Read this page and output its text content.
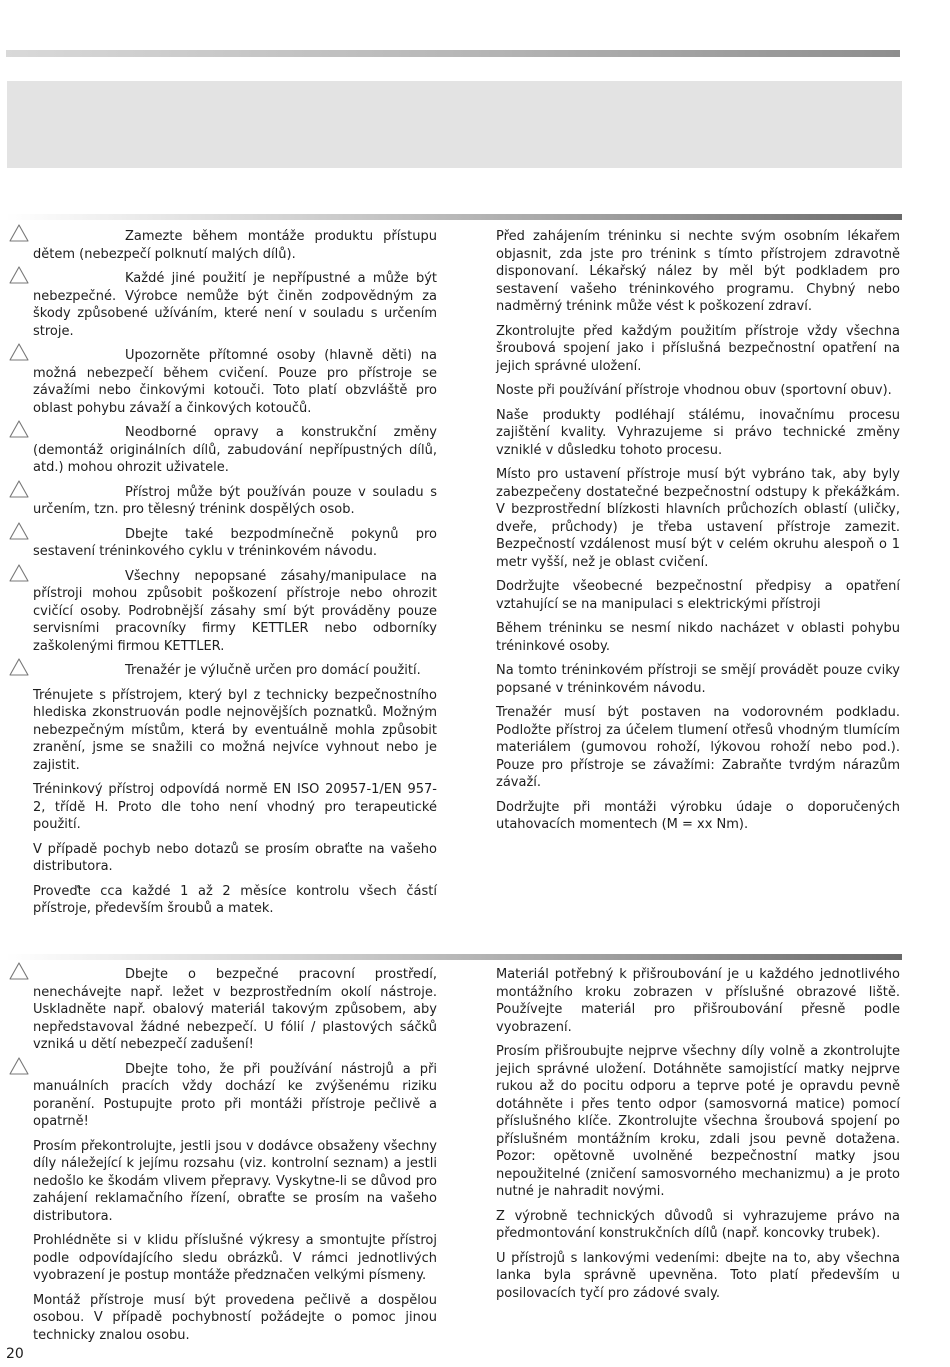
Zamezte během montáže produktu přístupu dětem (nebezpečí polknutí malých dílů).

Každé jiné použití je nepřípustné a může být nebezpečné. Výrobce nemůže být činěn zodpovědným za škody způsobené užíváním, které není v souladu s určením stroje.

Upozorněte přítomné osoby (hlavně děti) na možná nebezpečí během cvičení. Pouze pro přístroje se závažími nebo činkovými kotouči. Toto platí obzvláště pro oblast pohybu závaží a činkových kotoučů.

Neodborné opravy a konstrukční změny (demontáž originálních dílů, zabudování nepřípustných dílů, atd.) mohou ohrozit uživatele.

Přístroj může být používán pouze v souladu s určením, tzn. pro tělesný trénink dospělých osob.

Dbejte také bezpodmínečně pokynů pro sestavení tréninkového cyklu v tréninkovém návodu.

Všechny nepopsané zásahy/manipulace na přístroji mohou způsobit poškození přístroje nebo ohrozit cvičící osoby. Podrobnější zásahy smí být prováděny pouze servisními pracovníky firmy KETTLER nebo odborníky zaškolenými firmou KETTLER.

Trenažér je výlučně určen pro domácí použití.

Trénujete s přístrojem, který byl z technicky bezpečnostního hlediska zkonstruován podle nejnovějších poznatků. Možným nebezpečným místům, která by eventuálně mohla způsobit zranění, jsme se snažili co možná nejvíce vyhnout nebo je zajistit.

Tréninkový přístroj odpovídá normě EN ISO 20957-1/EN 957-2, třídě H. Proto dle toho není vhodný pro terapeutické použití.

V případě pochyb nebo dotazů se prosím obraťte na vašeho distributora.

Proveďte cca každé 1 až 2 měsíce kontrolu všech částí přístroje, především šroubů a matek.

Před zahájením tréninku si nechte svým osobním lékařem objasnit, zda jste pro trénink s tímto přístrojem zdravotně disponovaní. Lékařský nález by měl být podkladem pro sestavení vašeho tréninkového programu. Chybný nebo nadměrný trénink může vést k poškození zdraví.

Zkontrolujte před každým použitím přístroje vždy všechna šroubová spojení jako i příslušná bezpečnostní opatření na jejich správné uložení.

Noste při používání přístroje vhodnou obuv (sportovní obuv).

Naše produkty podléhají stálému, inovačnímu procesu zajištění kvality. Vyhrazujeme si právo technické změny vzniklé v důsledku tohoto procesu.

Místo pro ustavení přístroje musí být vybráno tak, aby byly zabezpečeny dostatečné bezpečnostní odstupy k překážkám. V bezprostřední blízkosti hlavních průchozích oblastí (uličky, dveře, průchody) je třeba ustavení přístroje zamezit. Bezpečností vzdálenost musí být v celém okruhu alespoň o 1 metr vyšší, než je oblast cvičení.

Dodržujte všeobecné bezpečnostní předpisy a opatření vztahující se na manipulaci s elektrickými přístroji

Během tréninku se nesmí nikdo nacházet v oblasti pohybu tréninkové osoby.

Na tomto tréninkovém přístroji se smějí provádět pouze cviky popsané v tréninkovém návodu.

Trenažér musí být postaven na vodorovném podkladu. Podložte přístroj za účelem tlumení otřesů vhodným tlumícím materiálem (gumovou rohoží, lýkovou rohoží nebo pod.). Pouze pro přístroje se závažími: Zabraňte tvrdým nárazům závaží.

Dodržujte při montáži výrobku údaje o doporučených utahovacích momentech (M = xx Nm).

Dbejte o bezpečné pracovní prostředí, nenechávejte např. ležet v bezprostředním okolí nástroje. Uskladněte např. obalový materiál takovým způsobem, aby nepředstavoval žádné nebezpečí. U fólií / plastových sáčků vzniká u dětí nebezpečí zadušení!

Dbejte toho, že při používání nástrojů a při manuálních pracích vždy dochází ke zvýšenému riziku poranění. Postupujte proto při montáži přístroje pečlivě a opatrně!

Prosím překontrolujte, jestli jsou v dodávce obsaženy všechny díly náležející k jejímu rozsahu (viz. kontrolní seznam) a jestli nedošlo ke škodám vlivem přepravy. Vyskytne-li se důvod pro zahájení reklamačního řízení, obraťte se prosím na vašeho distributora.

Prohlédněte si v klidu příslušné výkresy a smontujte přístroj podle odpovídajícího sledu obrázků. V rámci jednotlivých vyobrazení je postup montáže předznačen velkými písmeny.

Montáž přístroje musí být provedena pečlivě a dospělou osobou. V případě pochybností požádejte o pomoc jinou technicky znalou osobu.

Materiál potřebný k přišroubování je u každého jednotlivého montážního kroku zobrazen v příslušné obrazové liště. Používejte materiál pro přišroubování přesně podle vyobrazení.

Prosím přišroubujte nejprve všechny díly volně a zkontrolujte jejich správné uložení. Dotáhněte samojistící matky nejprve rukou až do pocitu odporu a teprve poté je opravdu pevně dotáhněte i přes tento odpor (samosvorná matice) pomocí příslušného klíče. Zkontrolujte všechna šroubová spojení po příslušném montážním kroku, zdali jsou pevně dotažena. Pozor: opětovně uvolněné bezpečnostní matky jsou nepoužitelné (zničení samosvorného mechanizmu) a je proto nutné je nahradit novými.

Z výrobně technických důvodů si vyhrazujeme právo na předmontování konstrukčních dílů (např. koncovky trubek).

U přístrojů s lankovými vedeními: dbejte na to, aby všechna lanka byla správně upevněna. Toto platí především u posilovacích tyčí pro zádové svaly.

20
